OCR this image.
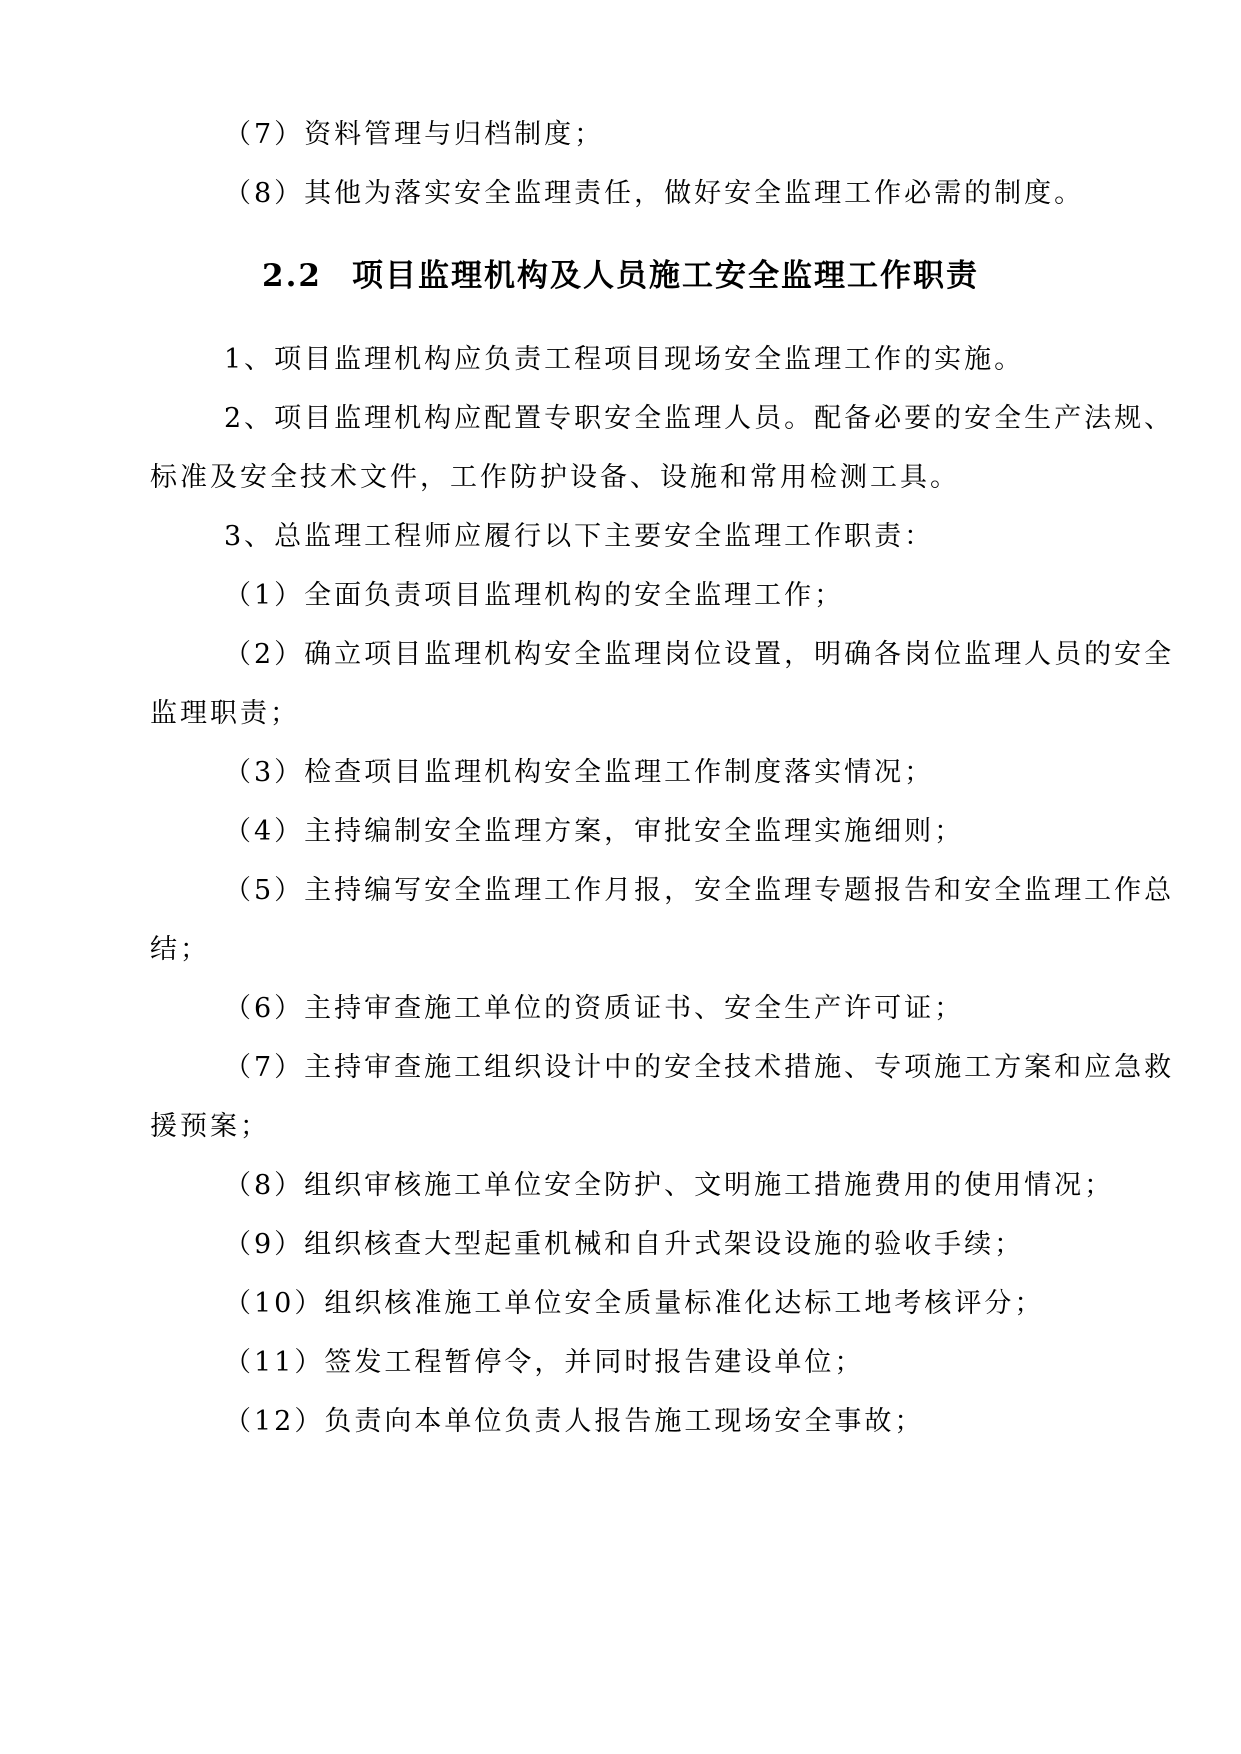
（7）资料管理与归档制度；
（8）其他为落实安全监理责任，做好安全监理工作必需的制度。
2.2 项目监理机构及人员施工安全监理工作职责
1、项目监理机构应负责工程项目现场安全监理工作的实施。
2、项目监理机构应配置专职安全监理人员。配备必要的安全生产法规、
标准及安全技术文件，工作防护设备、设施和常用检测工具。
3、总监理工程师应履行以下主要安全监理工作职责：
（1）全面负责项目监理机构的安全监理工作；
（2）确立项目监理机构安全监理岗位设置，明确各岗位监理人员的安全
监理职责；
（3）检查项目监理机构安全监理工作制度落实情况；
（4）主持编制安全监理方案，审批安全监理实施细则；
（5）主持编写安全监理工作月报，安全监理专题报告和安全监理工作总
结；
（6）主持审查施工单位的资质证书、安全生产许可证；
（7）主持审查施工组织设计中的安全技术措施、专项施工方案和应急救
援预案；
（8）组织审核施工单位安全防护、文明施工措施费用的使用情况；
（9）组织核查大型起重机械和自升式架设设施的验收手续；
（10）组织核准施工单位安全质量标准化达标工地考核评分；
（11）签发工程暂停令，并同时报告建设单位；
（12）负责向本单位负责人报告施工现场安全事故；
